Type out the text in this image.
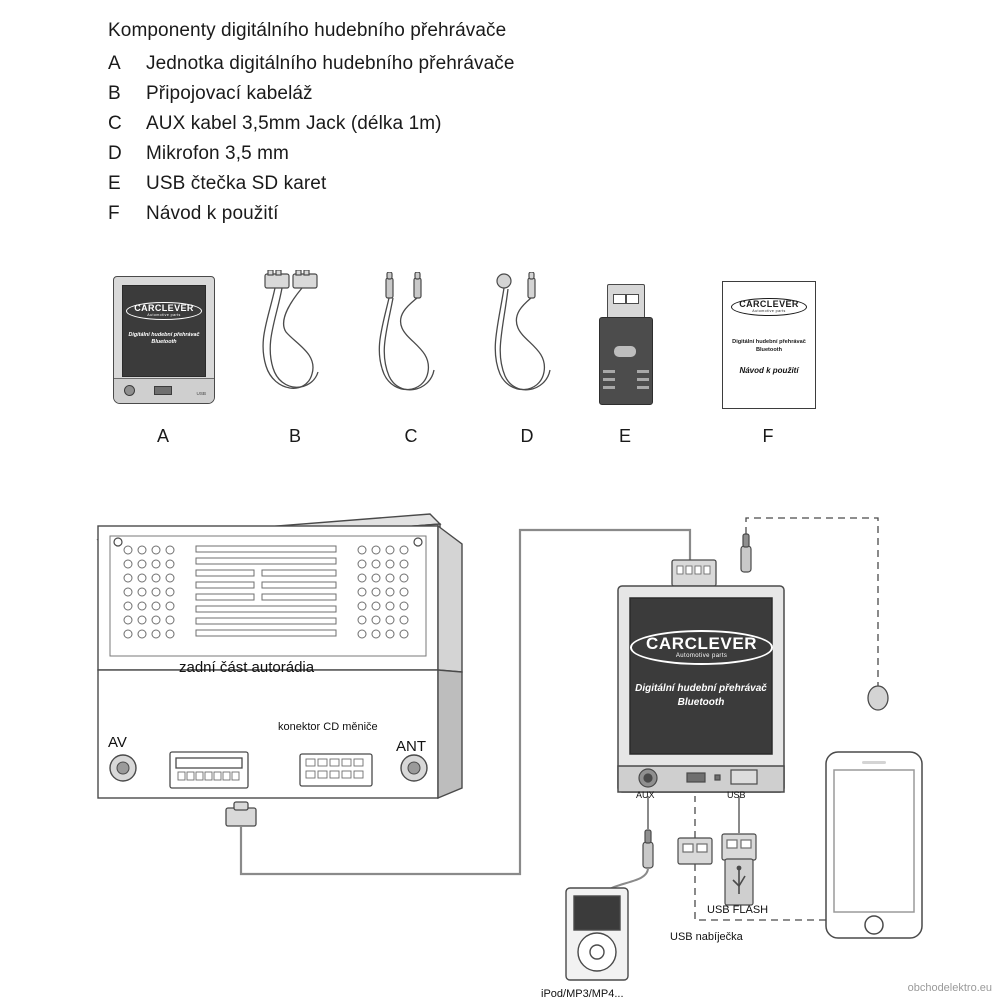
Komponenty digitálního hudebního přehrávače
A	Jednotka digitálního hudebního přehrávače
B	Připojovací kabeláž
C	AUX kabel 3,5mm Jack (délka 1m)
D	Mikrofon 3,5 mm
E	USB čtečka SD karet
F	Návod k použití
CARCLEVER
Automotive parts
Digitální hudební přehrávač
Bluetooth
USB
A	B	C	D	E
CARCLEVER
Automotive parts
Digitální hudební přehrávač
Bluetooth
Návod k použití
F
CARCLEVER
Automotive parts
Digitální hudební přehrávač
Bluetooth
zadní část autorádia
konektor CD měniče
AV	ANT
AUX	USB
USB FLASH
USB nabíječka
iPod/MP3/MP4...	obchodelektro.eu
